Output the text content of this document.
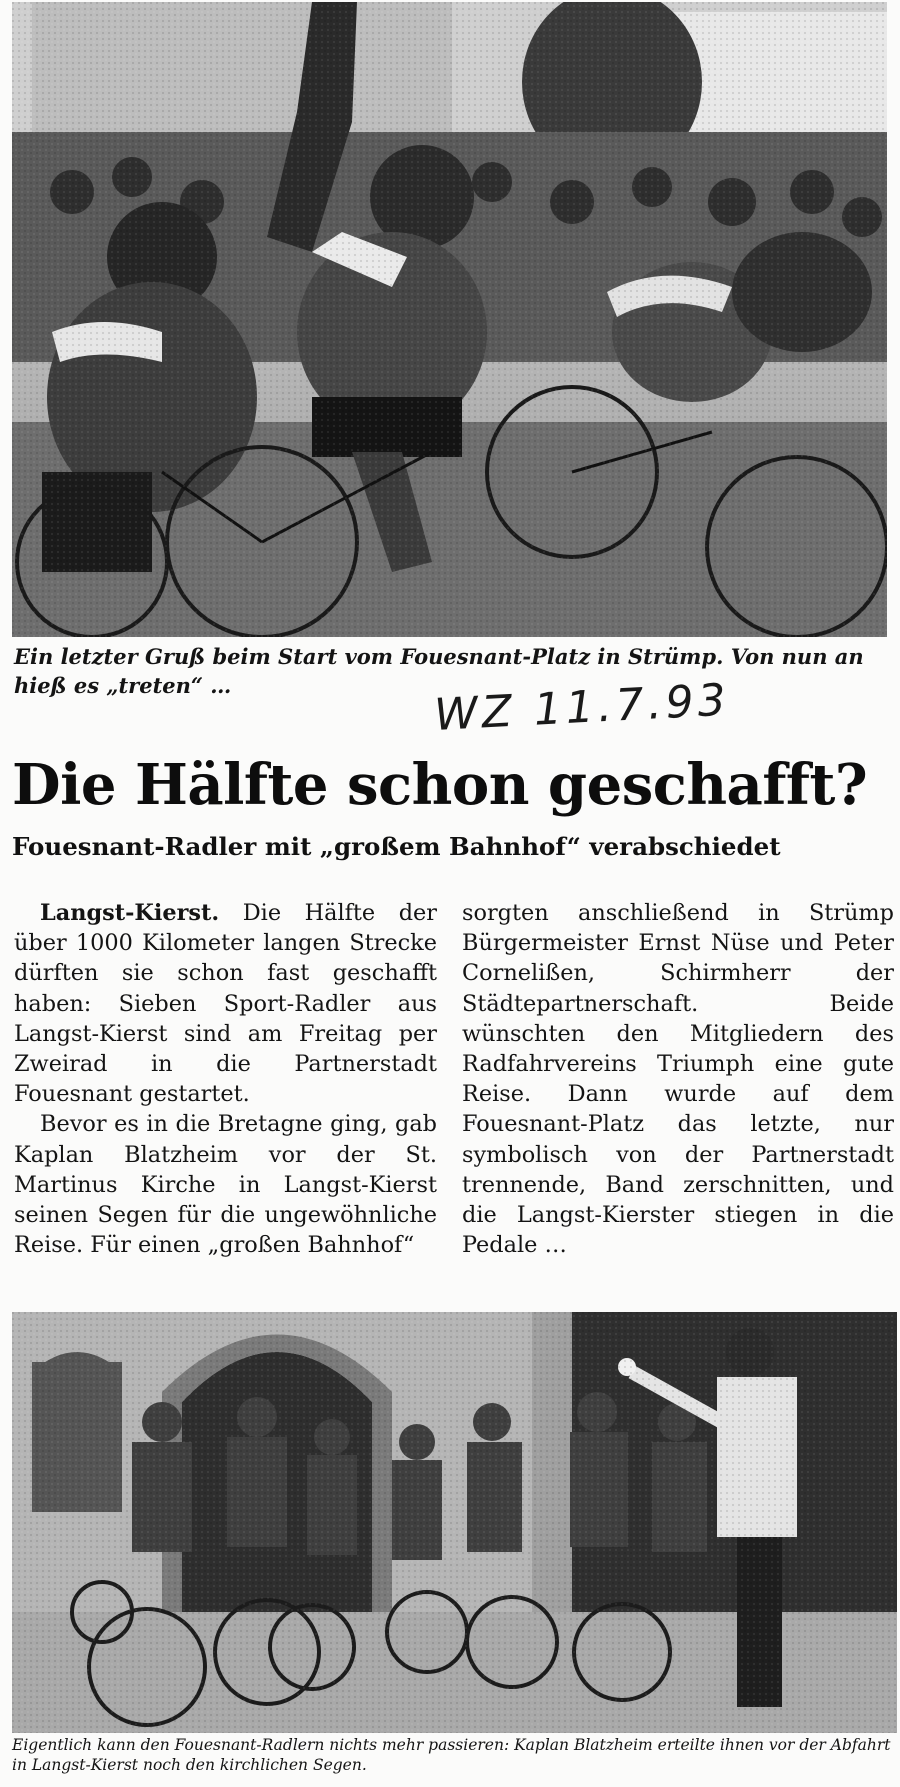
Ein letzter Gruß beim Start vom Fouesnant-Platz in Strümp. Von nun an hieß es „treten“ …	WZ 11.7.93

Die Hälfte schon geschafft?
Fouesnant-Radler mit „großem Bahnhof“ verabschiedet

Langst-Kierst. Die Hälfte der über 1000 Kilometer langen Strecke dürften sie schon fast geschafft haben: Sieben Sport-Radler aus Langst-Kierst sind am Freitag per Zweirad in die Partnerstadt Fouesnant gestartet.

Bevor es in die Bretagne ging, gab Kaplan Blatzheim vor der St. Martinus Kirche in Langst-Kierst seinen Segen für die ungewöhnliche Reise. Für einen „großen Bahnhof“

sorgten anschließend in Strümp Bürgermeister Ernst Nüse und Peter Cornelißen, Schirmherr der Städtepartnerschaft. Beide wünschten den Mitgliedern des Radfahrvereins Triumph eine gute Reise. Dann wurde auf dem Fouesnant-Platz das letzte, nur symbolisch von der Partnerstadt trennende, Band zerschnitten, und die Langst-Kierster stiegen in die Pedale …

Eigentlich kann den Fouesnant-Radlern nichts mehr passieren: Kaplan Blatzheim erteilte ihnen vor der Abfahrt in Langst-Kierst noch den kirchlichen Segen.
